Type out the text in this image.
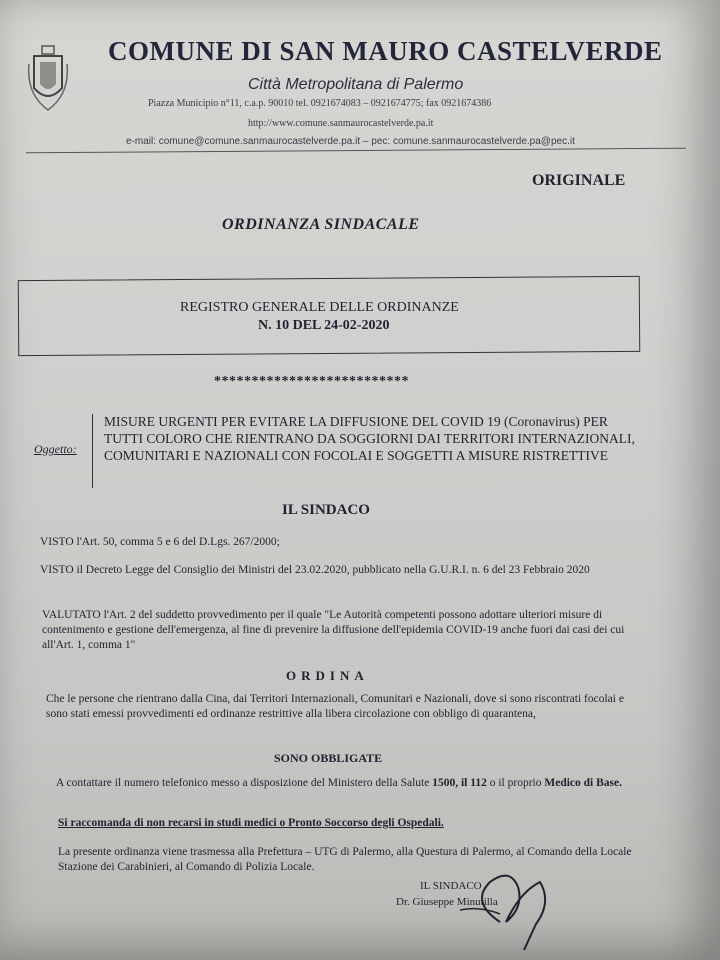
COMUNE DI SAN MAURO CASTELVERDE
Città Metropolitana di Palermo
Piazza Municipio n°11, c.a.p. 90010 tel. 0921674083 – 0921674775; fax 0921674386
http://www.comune.sanmaurocastelverde.pa.it
e-mail: comune@comune.sanmaurocastelverde.pa.it – pec: comune.sanmaurocastelverde.pa@pec.it
ORIGINALE
ORDINANZA SINDACALE
REGISTRO GENERALE DELLE ORDINANZE
N. 10 DEL 24-02-2020
**************************
Oggetto:
MISURE URGENTI PER EVITARE LA DIFFUSIONE DEL COVID 19 (Coronavirus) PER TUTTI COLORO CHE RIENTRANO DA SOGGIORNI DAI TERRITORI INTERNAZIONALI, COMUNITARI E NAZIONALI CON FOCOLAI E SOGGETTI A MISURE RISTRETTIVE
IL SINDACO
VISTO l'Art. 50, comma 5 e 6 del D.Lgs. 267/2000;
VISTO il Decreto Legge del Consiglio dei Ministri del 23.02.2020, pubblicato nella G.U.R.I. n. 6 del 23 Febbraio 2020
VALUTATO l'Art. 2 del suddetto provvedimento per il quale "Le Autorità competenti possono adottare ulteriori misure di contenimento e gestione dell'emergenza, al fine di prevenire la diffusione dell'epidemia COVID-19 anche fuori dai casi dei cui all'Art. 1, comma 1"
ORDINA
Che le persone che rientrano dalla Cina, dai Territori Internazionali, Comunitari e Nazionali, dove si sono riscontrati focolai e sono stati emessi provvedimenti ed ordinanze restrittive alla libera circolazione con obbligo di quarantena,
SONO OBBLIGATE
A contattare il numero telefonico messo a disposizione del Ministero della Salute 1500, il 112 o il proprio Medico di Base.
Si raccomanda di non recarsi in studi medici o Pronto Soccorso degli Ospedali.
La presente ordinanza viene trasmessa alla Prefettura – UTG di Palermo, alla Questura di Palermo, al Comando della Locale Stazione dei Carabinieri, al Comando di Polizia Locale.
IL SINDACO
Dr. Giuseppe Minutilla
